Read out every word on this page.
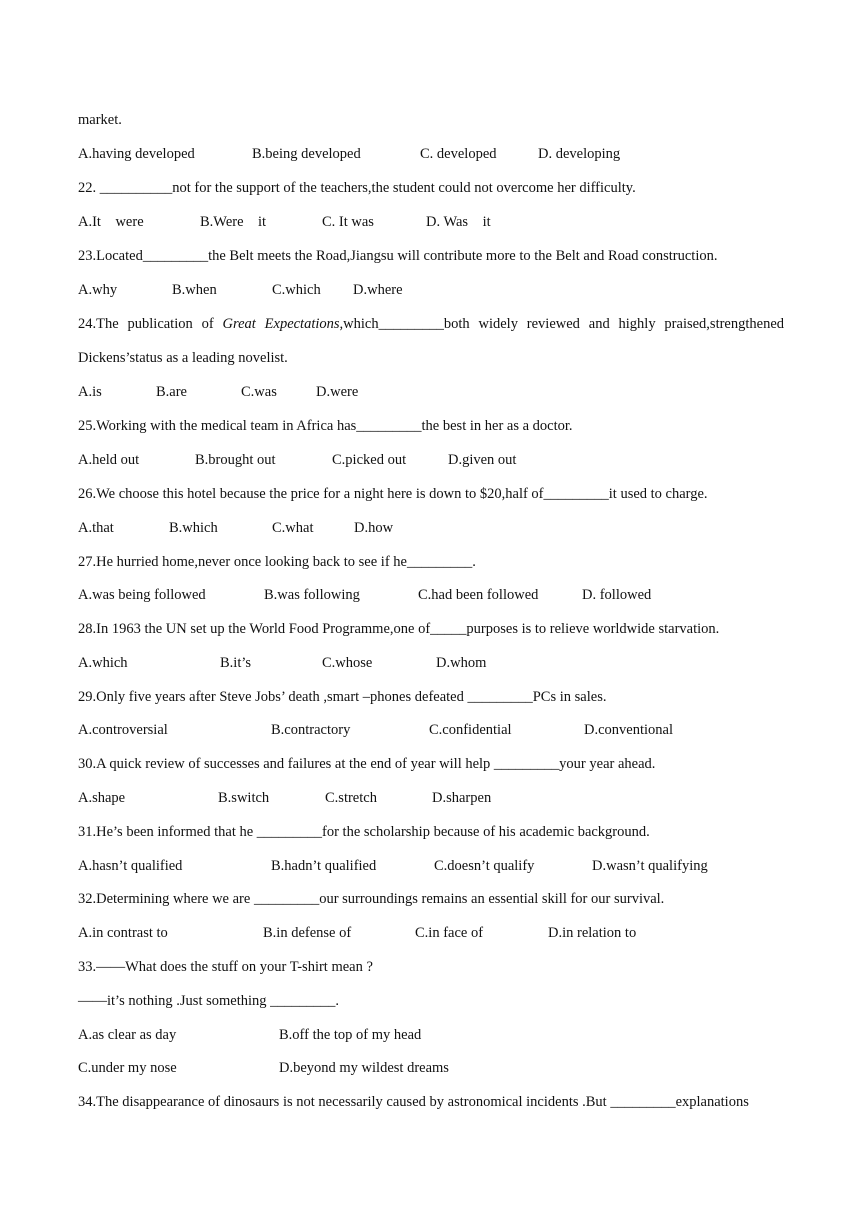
market.
A.having developed	B.being developed	C. developed	D. developing
22. __________not for the support of the teachers,the student could not overcome her difficulty.
A.It    were	B.Were    it	C. It was	D. Was    it
23.Located_________the Belt meets the Road,Jiangsu will contribute more to the Belt and Road construction.
A.why	B.when	C.which D.where
24.The publication of Great Expectations,which_________both widely reviewed and highly praised,strengthened
Dickens’status as a leading novelist.
A.is	B.are	C.was	D.were
25.Working with the medical team in Africa has_________the best in her as a doctor.
A.held out	B.brought out	C.picked out	D.given out
26.We choose this hotel because the price for a night here is down to $20,half of_________it used to charge.
A.that	B.which	C.what	D.how
27.He hurried home,never once looking back to see if he_________.
A.was being followed	B.was following	C.had been followed	D. followed
28.In 1963 the UN set up the World Food Programme,one of_____purposes is to relieve worldwide starvation.
A.which	B.it’s	C.whose	D.whom
29.Only five years after Steve Jobs’ death ,smart –phones defeated _________PCs in sales.
A.controversial	B.contractory	C.confidential	D.conventional
30.A quick review of successes and failures at the end of year will help _________your year ahead.
A.shape	B.switch	C.stretch	D.sharpen
31.He’s been informed that he _________for the scholarship because of his academic background.
A.hasn’t qualified	B.hadn’t qualified	C.doesn’t qualify	D.wasn’t qualifying
32.Determining where we are _________our surroundings remains an essential skill for our survival.
A.in contrast to	B.in defense of	C.in face of	D.in relation to
33.——What does the stuff on your T-shirt mean ?
——it’s nothing .Just something _________.
A.as clear as day	B.off the top of my head
C.under my nose	D.beyond my wildest dreams
34.The disappearance of dinosaurs is not necessarily caused by astronomical incidents .But _________explanations
